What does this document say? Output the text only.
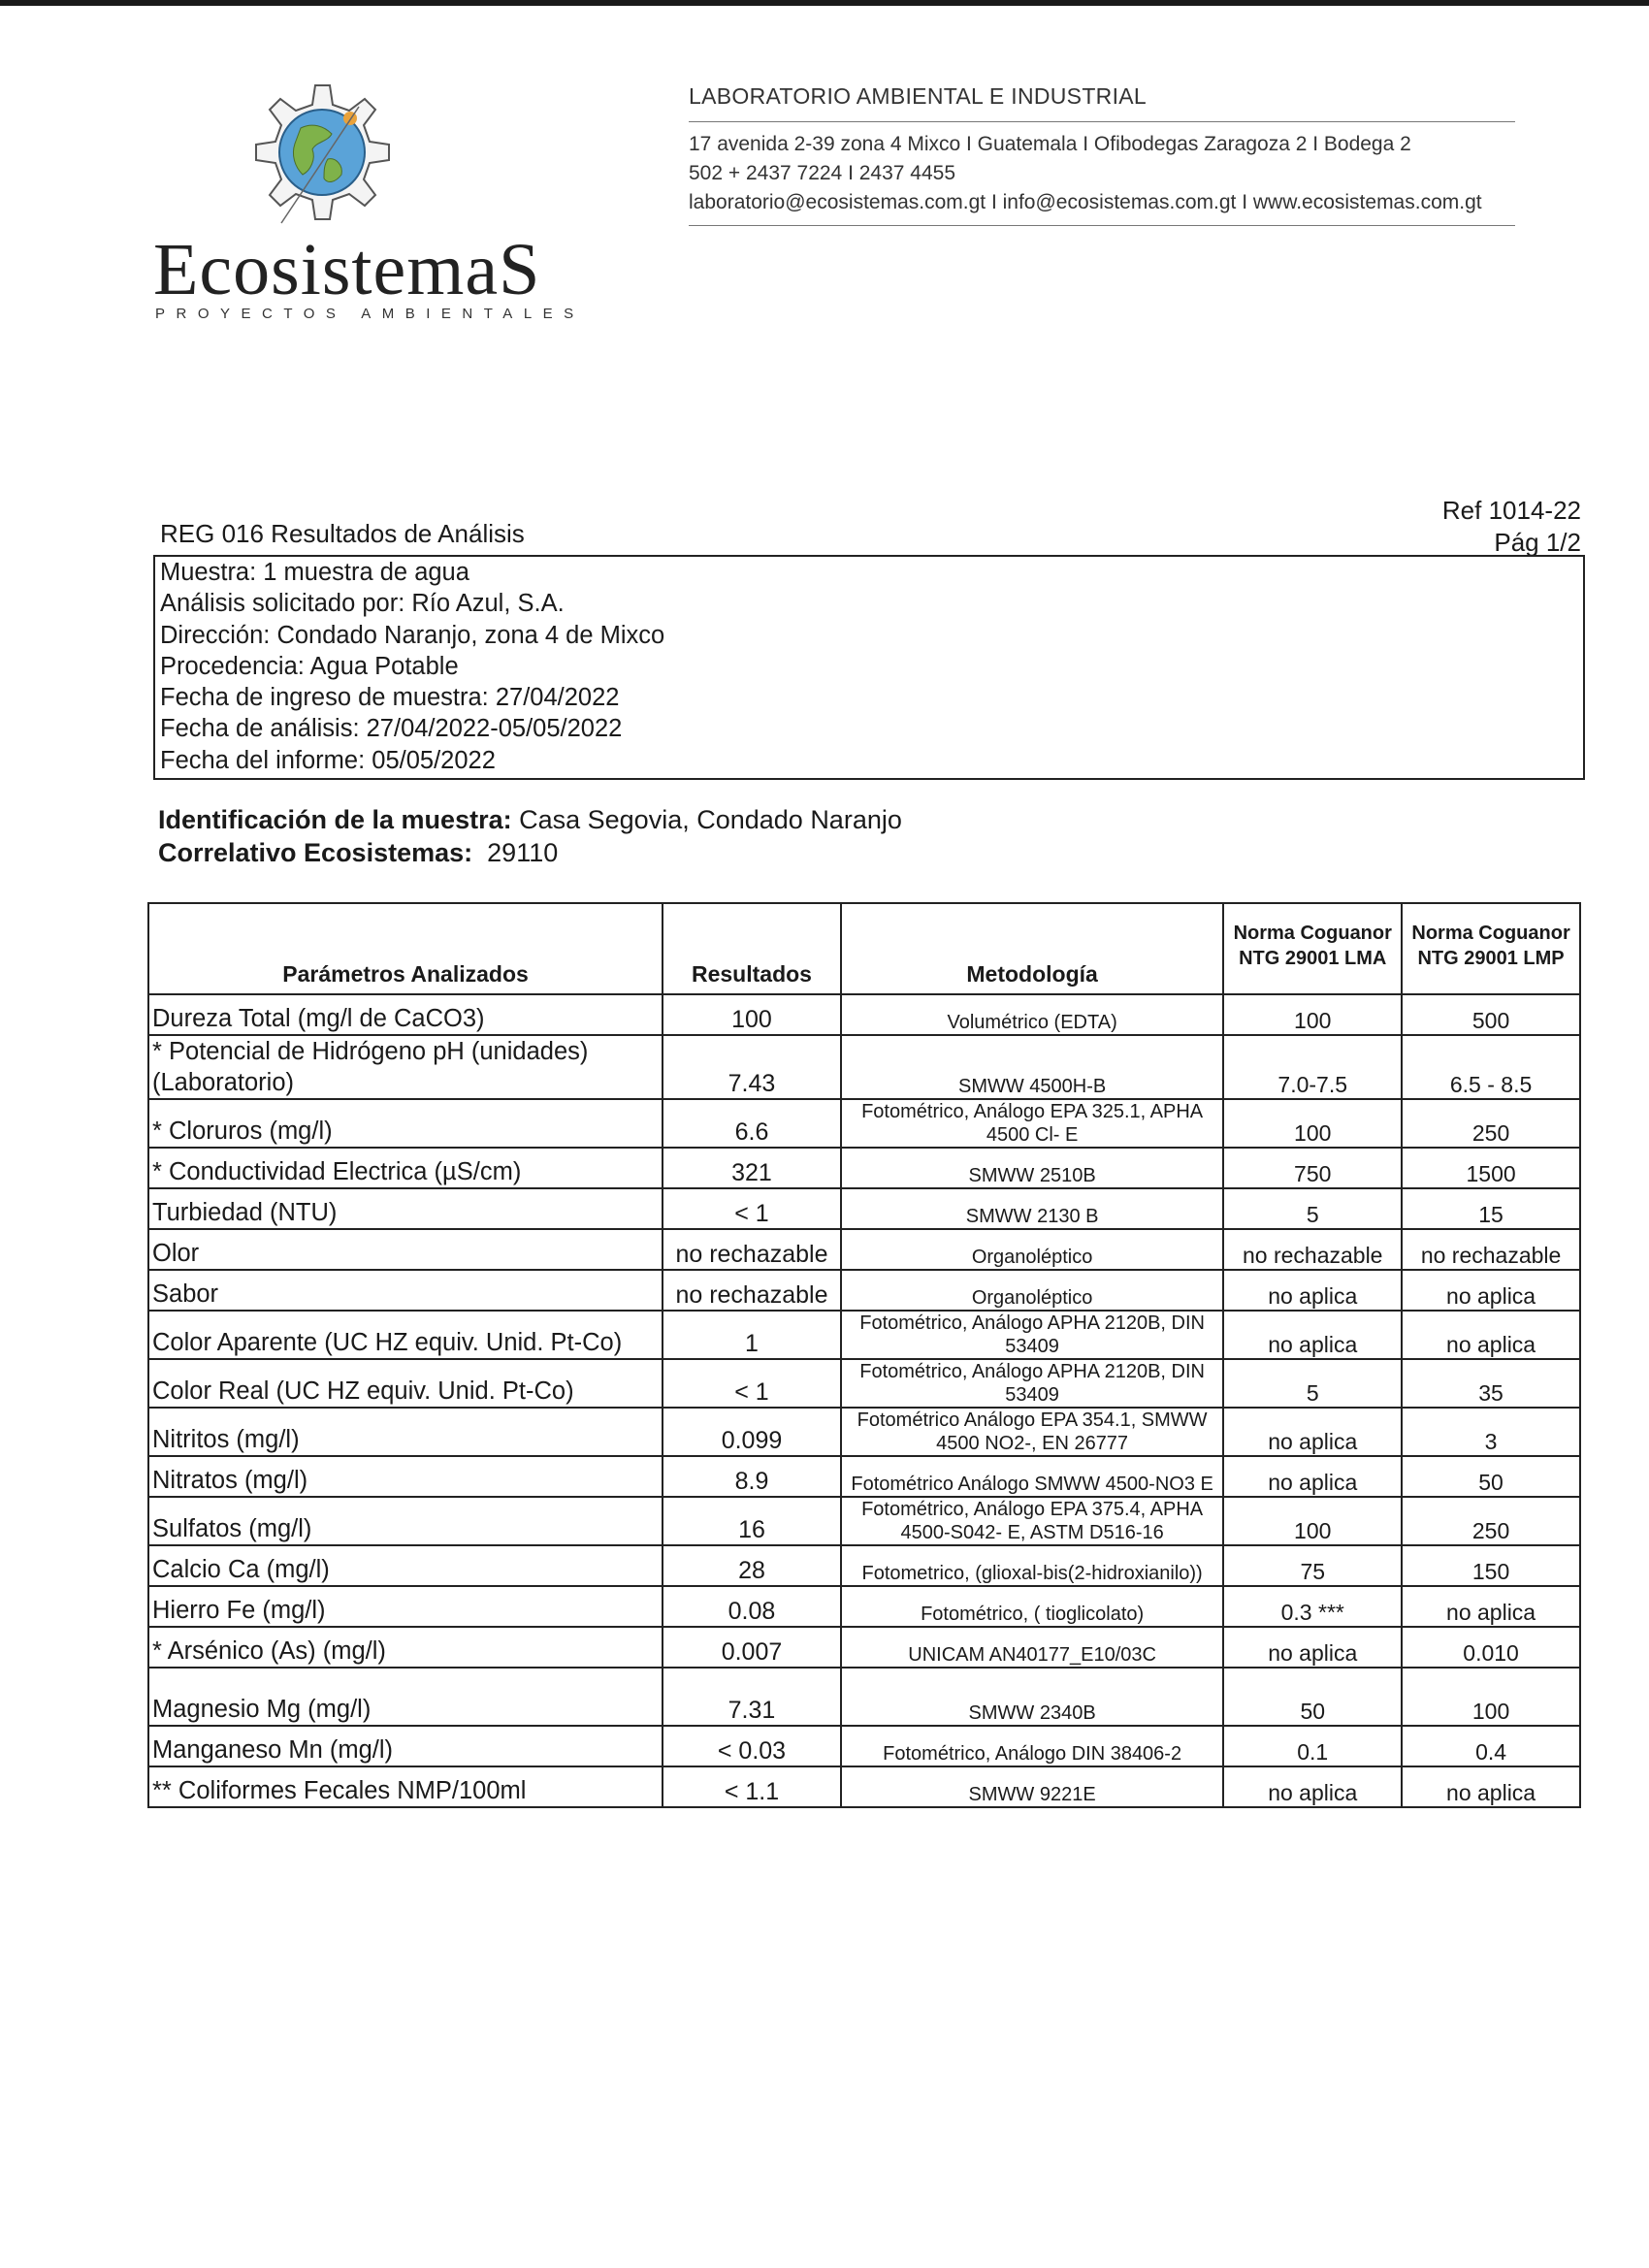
EcosistemaS
PROYECTOS AMBIENTALES
LABORATORIO AMBIENTAL E INDUSTRIAL
17 avenida 2-39 zona 4 Mixco I Guatemala I Ofibodegas Zaragoza 2 I Bodega 2
502 + 2437 7224 I 2437 4455
laboratorio@ecosistemas.com.gt I info@ecosistemas.com.gt I www.ecosistemas.com.gt
Ref 1014-22
Pág 1/2
REG 016 Resultados de Análisis
Muestra: 1 muestra de agua
Análisis solicitado por: Río Azul, S.A.
Dirección: Condado Naranjo, zona 4 de Mixco
Procedencia: Agua Potable
Fecha de ingreso de muestra: 27/04/2022
Fecha de análisis: 27/04/2022-05/05/2022
Fecha del informe: 05/05/2022
Identificación de la muestra: Casa Segovia, Condado Naranjo
Correlativo Ecosistemas: 29110
Parámetros Analizados	Resultados	Metodología	Norma Coguanor NTG 29001 LMA	Norma Coguanor NTG 29001 LMP
Dureza Total (mg/l de CaCO3)	100	Volumétrico (EDTA)	100	500
* Potencial de Hidrógeno pH (unidades) (Laboratorio)	7.43	SMWW 4500H-B	7.0-7.5	6.5 - 8.5
* Cloruros (mg/l)	6.6	Fotométrico, Análogo EPA 325.1, APHA 4500 Cl- E	100	250
* Conductividad Electrica (µS/cm)	321	SMWW 2510B	750	1500
Turbiedad (NTU)	< 1	SMWW 2130 B	5	15
Olor	no rechazable	Organoléptico	no rechazable	no rechazable
Sabor	no rechazable	Organoléptico	no aplica	no aplica
Color Aparente (UC HZ equiv. Unid. Pt-Co)	1	Fotométrico, Análogo APHA 2120B, DIN 53409	no aplica	no aplica
Color Real (UC HZ equiv. Unid. Pt-Co)	< 1	Fotométrico, Análogo APHA 2120B, DIN 53409	5	35
Nitritos (mg/l)	0.099	Fotométrico Análogo EPA 354.1, SMWW 4500 NO2-, EN 26777	no aplica	3
Nitratos (mg/l)	8.9	Fotométrico Análogo SMWW 4500-NO3 E	no aplica	50
Sulfatos (mg/l)	16	Fotométrico, Análogo EPA 375.4, APHA 4500-S042- E, ASTM D516-16	100	250
Calcio Ca (mg/l)	28	Fotometrico, (glioxal-bis(2-hidroxianilo))	75	150
Hierro Fe (mg/l)	0.08	Fotométrico, ( tioglicolato)	0.3 ***	no aplica
* Arsénico (As) (mg/l)	0.007	UNICAM AN40177_E10/03C	no aplica	0.010
Magnesio Mg (mg/l)	7.31	SMWW 2340B	50	100
Manganeso Mn (mg/l)	< 0.03	Fotométrico, Análogo DIN 38406-2	0.1	0.4
** Coliformes Fecales NMP/100ml	< 1.1	SMWW 9221E	no aplica	no aplica
